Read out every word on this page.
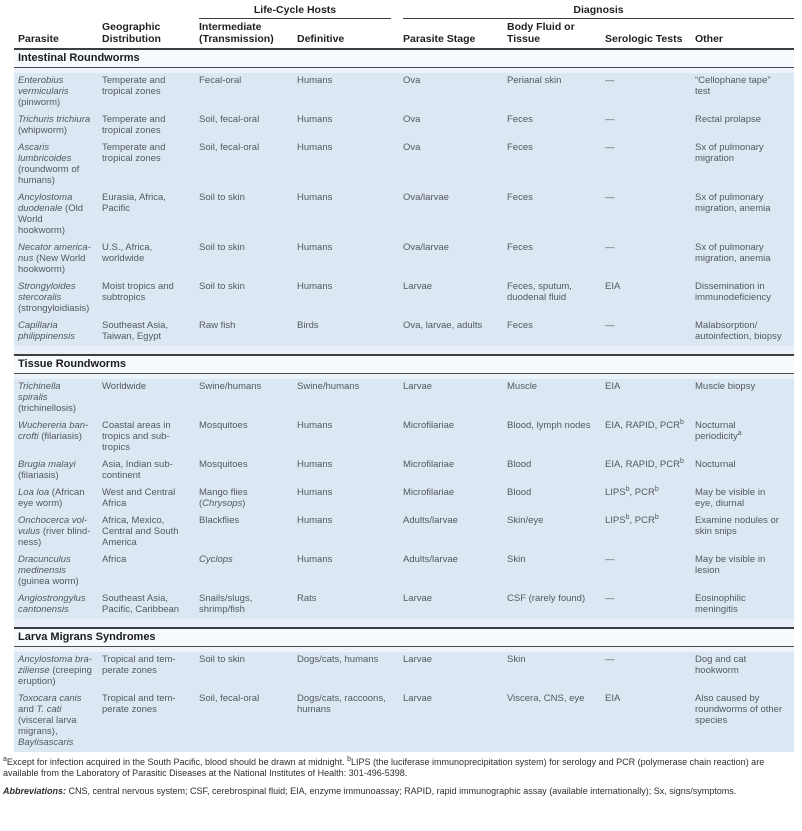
		Life-Cycle Hosts		Diagnosis			

Parasite	Geographic Distribution	Intermediate (Transmission)	Definitive	Parasite Stage	Body Fluid or Tissue	Serologic Tests	Other
Intestinal Roundworms							

Enterobius vermicularis (pinworm)	Temperate and tropical zones	Fecal-oral	Humans	Ova	Perianal skin	—	“Cellophane tape” test
Trichuris trichiura (whipworm)	Temperate and tropical zones	Soil, fecal-oral	Humans	Ova	Feces	—	Rectal prolapse
Ascaris lumbricoides (roundworm of humans)	Temperate and tropical zones	Soil, fecal-oral	Humans	Ova	Feces	—	Sx of pulmonary migration
Ancylostoma duodenale (Old World hookworm)	Eurasia, Africa, Pacific	Soil to skin	Humans	Ova/larvae	Feces	—	Sx of pulmonary migration, anemia
Necator americanus (New World hookworm)	U.S., Africa, worldwide	Soil to skin	Humans	Ova/larvae	Feces	—	Sx of pulmonary migration, anemia
Strongyloides stercoralis (strongyloidiasis)	Moist tropics and subtropics	Soil to skin	Humans	Larvae	Feces, sputum, duodenal fluid	EIA	Dissemination in immunodeficiency
Capillaria philippinensis	Southeast Asia, Taiwan, Egypt	Raw fish	Birds	Ova, larvae, adults	Feces	—	Malabsorption/ autoinfection, biopsy

Tissue Roundworms							

Trichinella spiralis (trichinellosis)	Worldwide	Swine/humans	Swine/humans	Larvae	Muscle	EIA	Muscle biopsy
Wuchereria bancrofti (filariasis)	Coastal areas in tropics and subtropics	Mosquitoes	Humans	Microfilariae	Blood, lymph nodes	EIA, RAPID, PCR$^b$	Nocturnal periodicity$^a$
Brugia malayi (filariasis)	Asia, Indian subcontinent	Mosquitoes	Humans	Microfilariae	Blood	EIA, RAPID, PCR$^b$	Nocturnal
Loa loa (African eye worm)	West and Central Africa	Mango flies (Chrysops)	Humans	Microfilariae	Blood	LIPS$^b$, PCR$^b$	May be visible in eye, diurnal
Onchocerca volvulus (river blindness)	Africa, Mexico, Central and South America	Blackflies	Humans	Adults/larvae	Skin/eye	LIPS$^b$, PCR$^b$	Examine nodules or skin snips
Dracunculus medinensis (guinea worm)	Africa	Cyclops	Humans	Adults/larvae	Skin	—	May be visible in lesion
Angiostrongylus cantonensis	Southeast Asia, Pacific, Caribbean	Snails/slugs, shrimp/fish	Rats	Larvae	CSF (rarely found)	—	Eosinophilic meningitis

Larva Migrans Syndromes							

Ancylostoma braziliense (creeping eruption)	Tropical and temperate zones	Soil to skin	Dogs/cats, humans	Larvae	Skin	—	Dog and cat hookworm
Toxocara canis and T. cati (visceral larva migrans), Baylisascaris	Tropical and temperate zones	Soil, fecal-oral	Dogs/cats, raccoons, humans	Larvae	Viscera, CNS, eye	EIA	Also caused by roundworms of other species

$^a$Except for infection acquired in the South Pacific, blood should be drawn at midnight. $^b$LIPS (the luciferase immunoprecipitation system) for serology and PCR (polymerase chain reaction) are available from the Laboratory of Parasitic Diseases at the National Institutes of Health: 301-496-5398.

Abbreviations: CNS, central nervous system; CSF, cerebrospinal fluid; EIA, enzyme immunoassay; RAPID, rapid immunographic assay (available internationally); Sx, signs/symptoms.
